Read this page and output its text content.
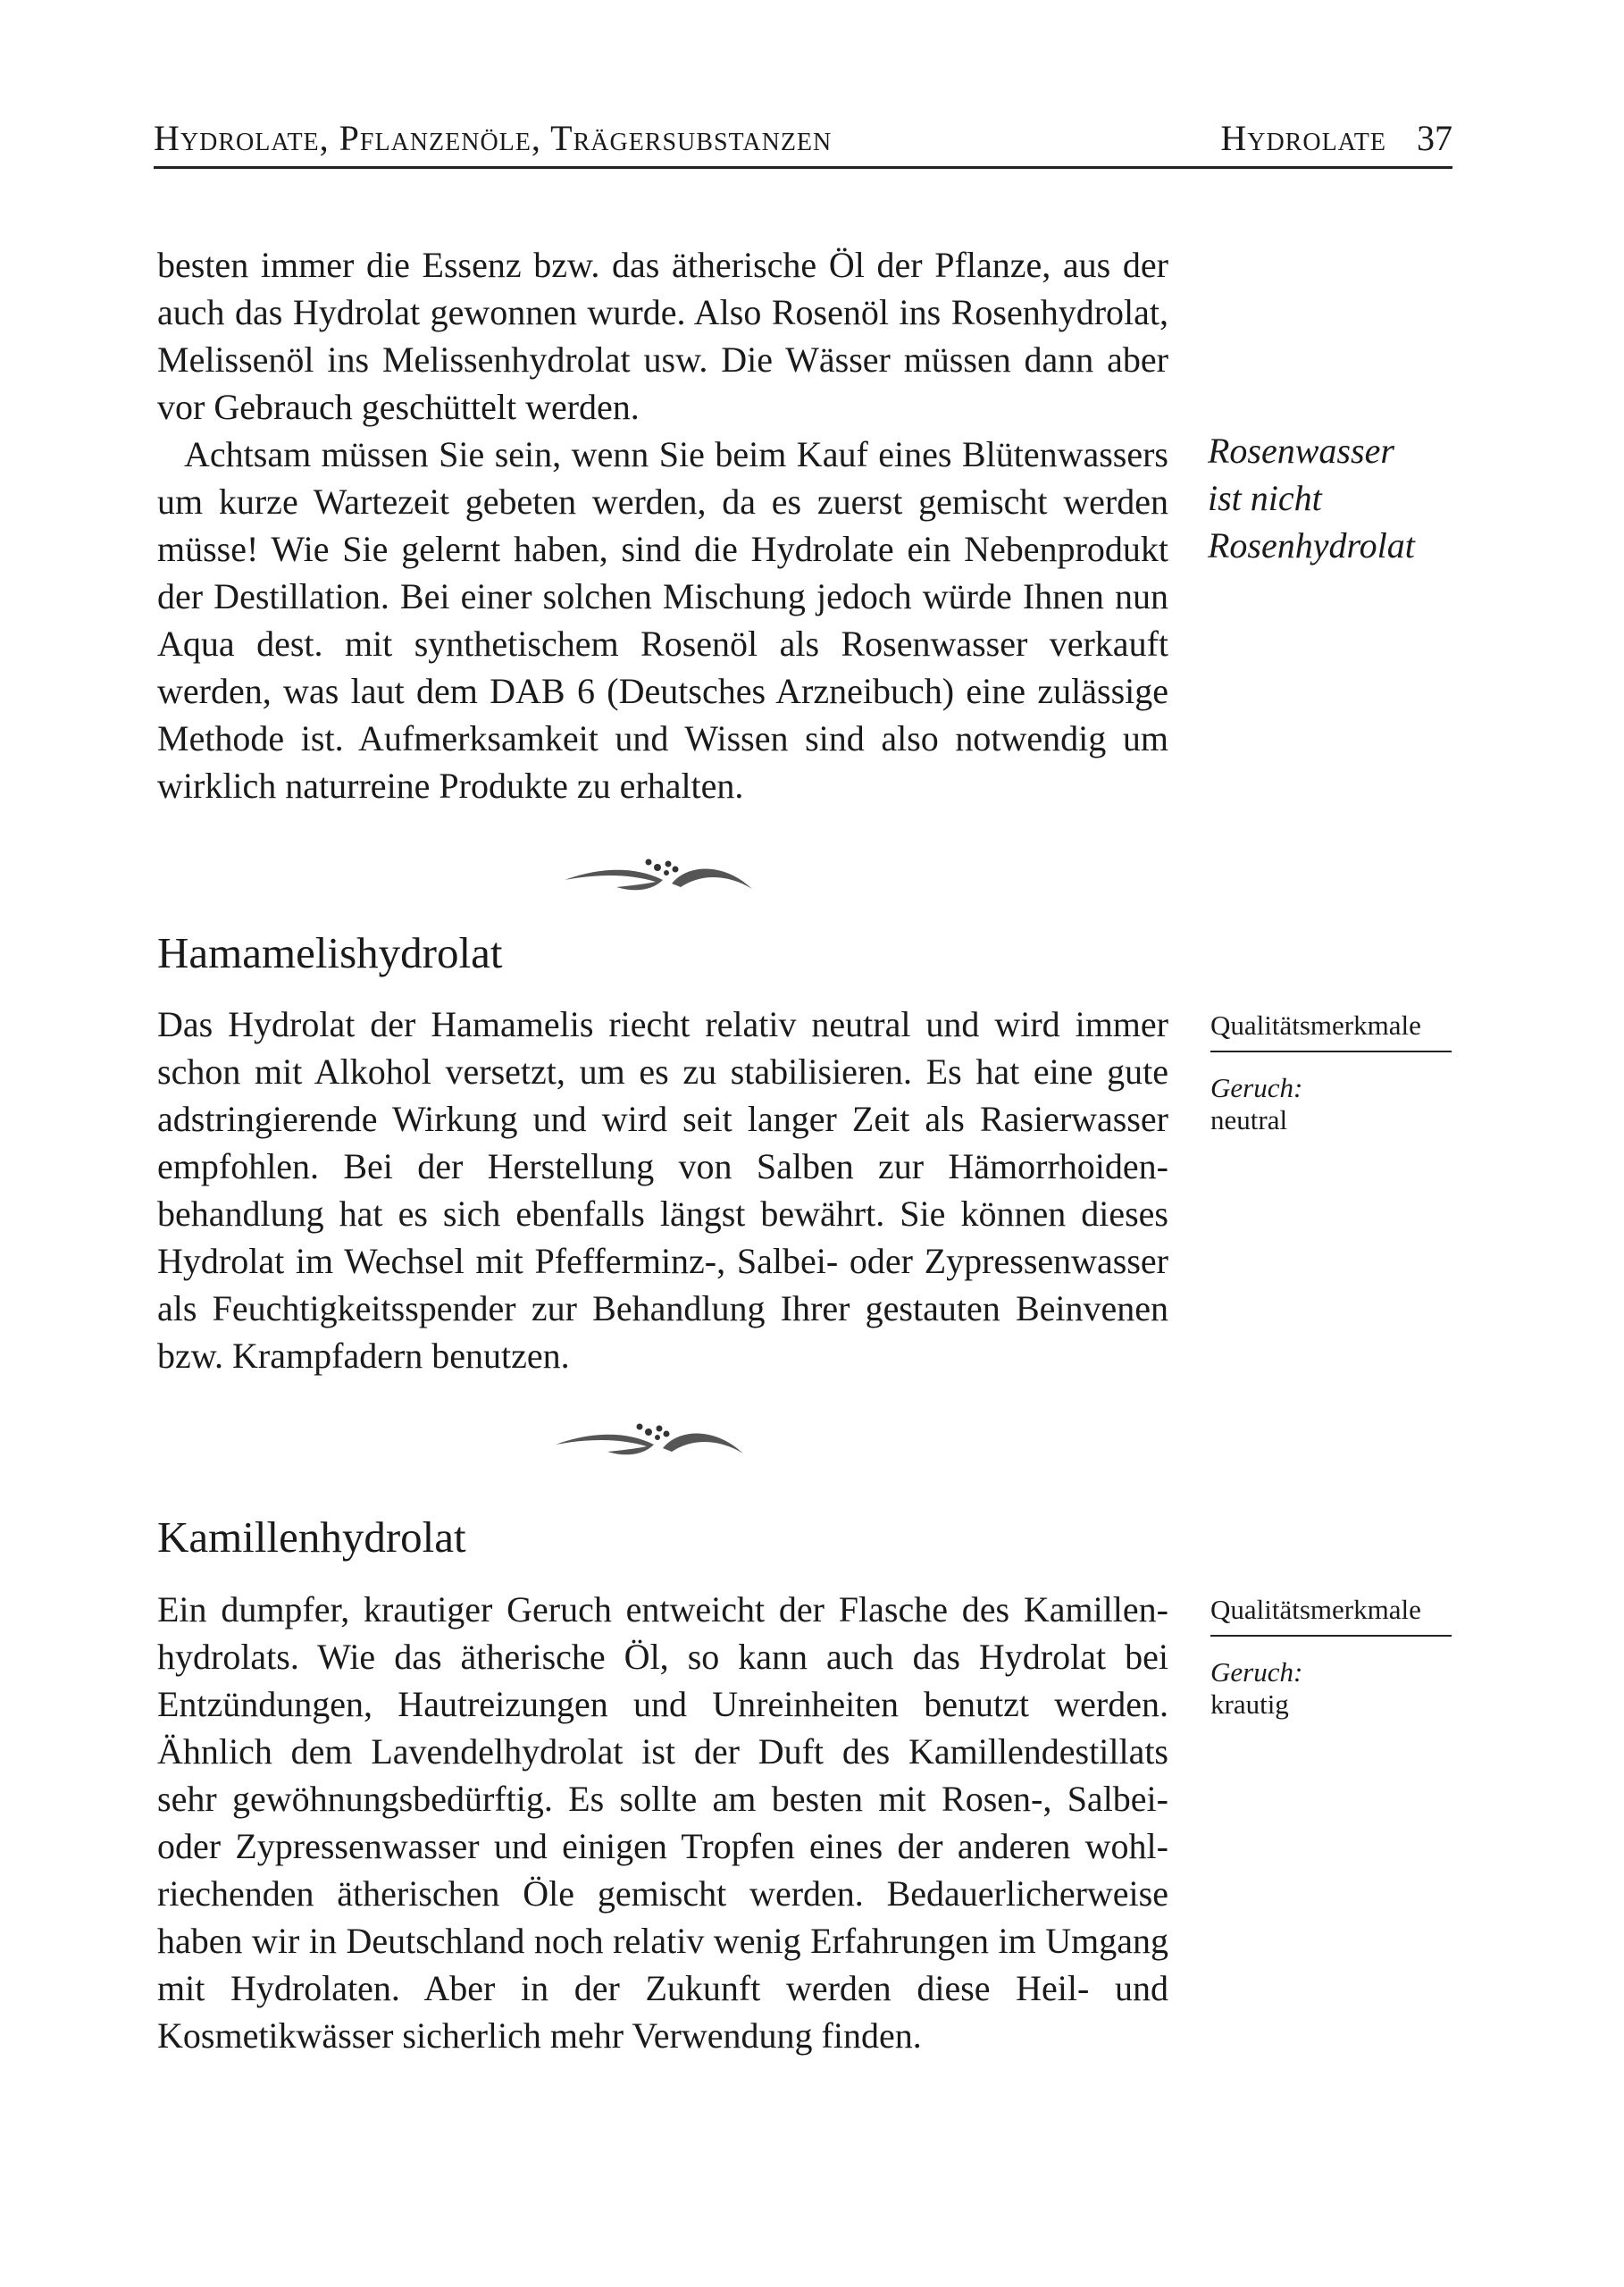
Hydrolate, Pflanzenöle, Trägersubstanzen	Hydrolate 37

besten immer die Essenz bzw. das ätherische Öl der Pflanze, aus der auch das Hydrolat gewonnen wurde. Also Rosenöl ins Rosenhydrolat, Melissenöl ins Melissenhydrolat usw. Die Wässer müssen dann aber vor Gebrauch geschüttelt werden.

Achtsam müssen Sie sein, wenn Sie beim Kauf eines Blütenwassers um kurze Wartezeit gebeten werden, da es zuerst gemischt werden müsse! Wie Sie gelernt haben, sind die Hydrolate ein Nebenprodukt der Destillation. Bei einer solchen Mischung jedoch würde Ihnen nun Aqua dest. mit synthetischem Rosenöl als Rosenwasser verkauft werden, was laut dem DAB 6 (Deutsches Arzneibuch) eine zulässige Methode ist. Aufmerksamkeit und Wissen sind also notwendig um wirklich naturreine Produkte zu erhalten.

Rosenwasser
ist nicht
Rosenhydrolat
Hamamelishydrolat

Das Hydrolat der Hamamelis riecht relativ neutral und wird immer schon mit Alkohol versetzt, um es zu stabilisieren. Es hat eine gute adstringierende Wirkung und wird seit langer Zeit als Rasierwasser empfohlen. Bei der Herstellung von Salben zur Hämorrhoidenbehandlung hat es sich ebenfalls längst bewährt. Sie können dieses Hydrolat im Wechsel mit Pfefferminz-, Salbei- oder Zypressenwasser als Feuchtigkeitsspender zur Behandlung Ihrer gestauten Beinvenen bzw. Krampfadern benutzen.

Qualitätsmerkmale
Geruch:
neutral
Kamillenhydrolat

Ein dumpfer, krautiger Geruch entweicht der Flasche des Kamillenhydrolats. Wie das ätherische Öl, so kann auch das Hydrolat bei Entzündungen, Hautreizungen und Unreinheiten benutzt werden. Ähnlich dem Lavendelhydrolat ist der Duft des Kamillendestillats sehr gewöhnungsbedürftig. Es sollte am besten mit Rosen-, Salbei- oder Zypressenwasser und einigen Tropfen eines der anderen wohlriechenden ätherischen Öle gemischt werden. Bedauerlicherweise haben wir in Deutschland noch relativ wenig Erfahrungen im Umgang mit Hydrolaten. Aber in der Zukunft werden diese Heil- und Kosmetikwässer sicherlich mehr Verwendung finden.

Qualitätsmerkmale
Geruch:
krautig
